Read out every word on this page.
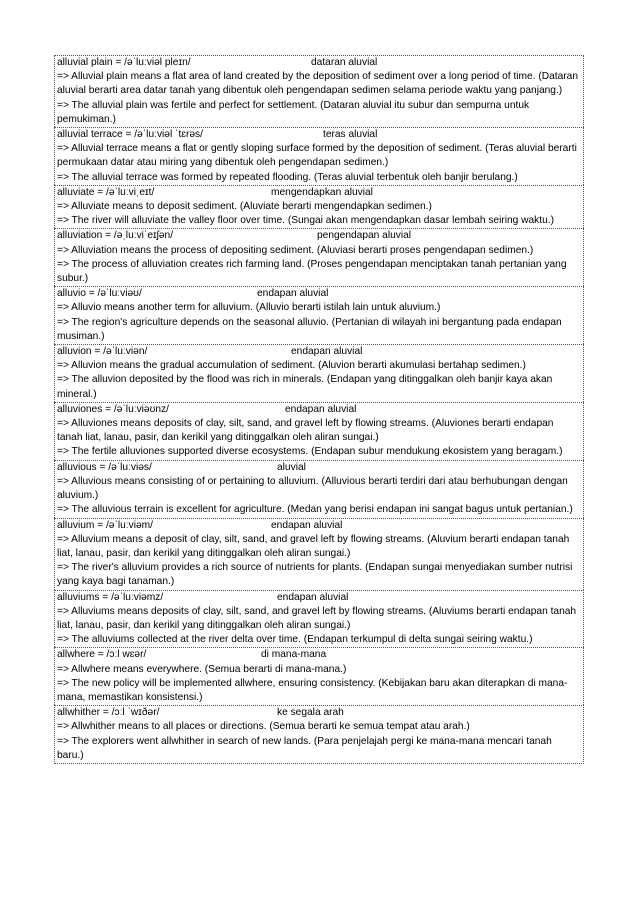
alluvial plain = /əˈluːviəl pleɪn/	dataran aluvial
=> Alluvial plain means a flat area of land created by the deposition of sediment over a long period of time. (Dataran aluvial berarti area datar tanah yang dibentuk oleh pengendapan sedimen selama periode waktu yang panjang.)
=> The alluvial plain was fertile and perfect for settlement. (Dataran aluvial itu subur dan sempurna untuk pemukiman.)
alluvial terrace = /əˈluːviəl ˈtɛrəs/	teras aluvial
=> Alluvial terrace means a flat or gently sloping surface formed by the deposition of sediment. (Teras aluvial berarti permukaan datar atau miring yang dibentuk oleh pengendapan sedimen.)
=> The alluvial terrace was formed by repeated flooding. (Teras aluvial terbentuk oleh banjir berulang.)
alluviate = /əˈluːviˌeɪt/	mengendapkan aluvial
=> Alluviate means to deposit sediment. (Aluviate berarti mengendapkan sedimen.)
=> The river will alluviate the valley floor over time. (Sungai akan mengendapkan dasar lembah seiring waktu.)
alluviation = /əˌluːviˈeɪʃən/	pengendapan aluvial
=> Alluviation means the process of depositing sediment. (Aluviasi berarti proses pengendapan sedimen.)
=> The process of alluviation creates rich farming land. (Proses pengendapan menciptakan tanah pertanian yang subur.)
alluvio = /əˈluːviəʊ/	endapan aluvial
=> Alluvio means another term for alluvium. (Alluvio berarti istilah lain untuk aluvium.)
=> The region's agriculture depends on the seasonal alluvio. (Pertanian di wilayah ini bergantung pada endapan musiman.)
alluvion = /əˈluːviən/	endapan aluvial
=> Alluvion means the gradual accumulation of sediment. (Aluvion berarti akumulasi bertahap sedimen.)
=> The alluvion deposited by the flood was rich in minerals. (Endapan yang ditinggalkan oleh banjir kaya akan mineral.)
alluviones = /əˈluːviəʊnz/	endapan aluvial
=> Alluviones means deposits of clay, silt, sand, and gravel left by flowing streams. (Aluviones berarti endapan tanah liat, lanau, pasir, dan kerikil yang ditinggalkan oleh aliran sungai.)
=> The fertile alluviones supported diverse ecosystems. (Endapan subur mendukung ekosistem yang beragam.)
alluvious = /əˈluːviəs/	aluvial
=> Alluvious means consisting of or pertaining to alluvium. (Alluvious berarti terdiri dari atau berhubungan dengan aluvium.)
=> The alluvious terrain is excellent for agriculture. (Medan yang berisi endapan ini sangat bagus untuk pertanian.)
alluvium = /əˈluːviəm/	endapan aluvial
=> Alluvium means a deposit of clay, silt, sand, and gravel left by flowing streams. (Aluvium berarti endapan tanah liat, lanau, pasir, dan kerikil yang ditinggalkan oleh aliran sungai.)
=> The river's alluvium provides a rich source of nutrients for plants. (Endapan sungai menyediakan sumber nutrisi yang kaya bagi tanaman.)
alluviums = /əˈluːviəmz/	endapan aluvial
=> Alluviums means deposits of clay, silt, sand, and gravel left by flowing streams. (Aluviums berarti endapan tanah liat, lanau, pasir, dan kerikil yang ditinggalkan oleh aliran sungai.)
=> The alluviums collected at the river delta over time. (Endapan terkumpul di delta sungai seiring waktu.)
allwhere = /ɔːl wɛər/	di mana-mana
=> Allwhere means everywhere. (Semua berarti di mana-mana.)
=> The new policy will be implemented allwhere, ensuring consistency. (Kebijakan baru akan diterapkan di mana-mana, memastikan konsistensi.)
allwhither = /ɔːl ˈwɪðər/	ke segala arah
=> Allwhither means to all places or directions. (Semua berarti ke semua tempat atau arah.)
=> The explorers went allwhither in search of new lands. (Para penjelajah pergi ke mana-mana mencari tanah baru.)
